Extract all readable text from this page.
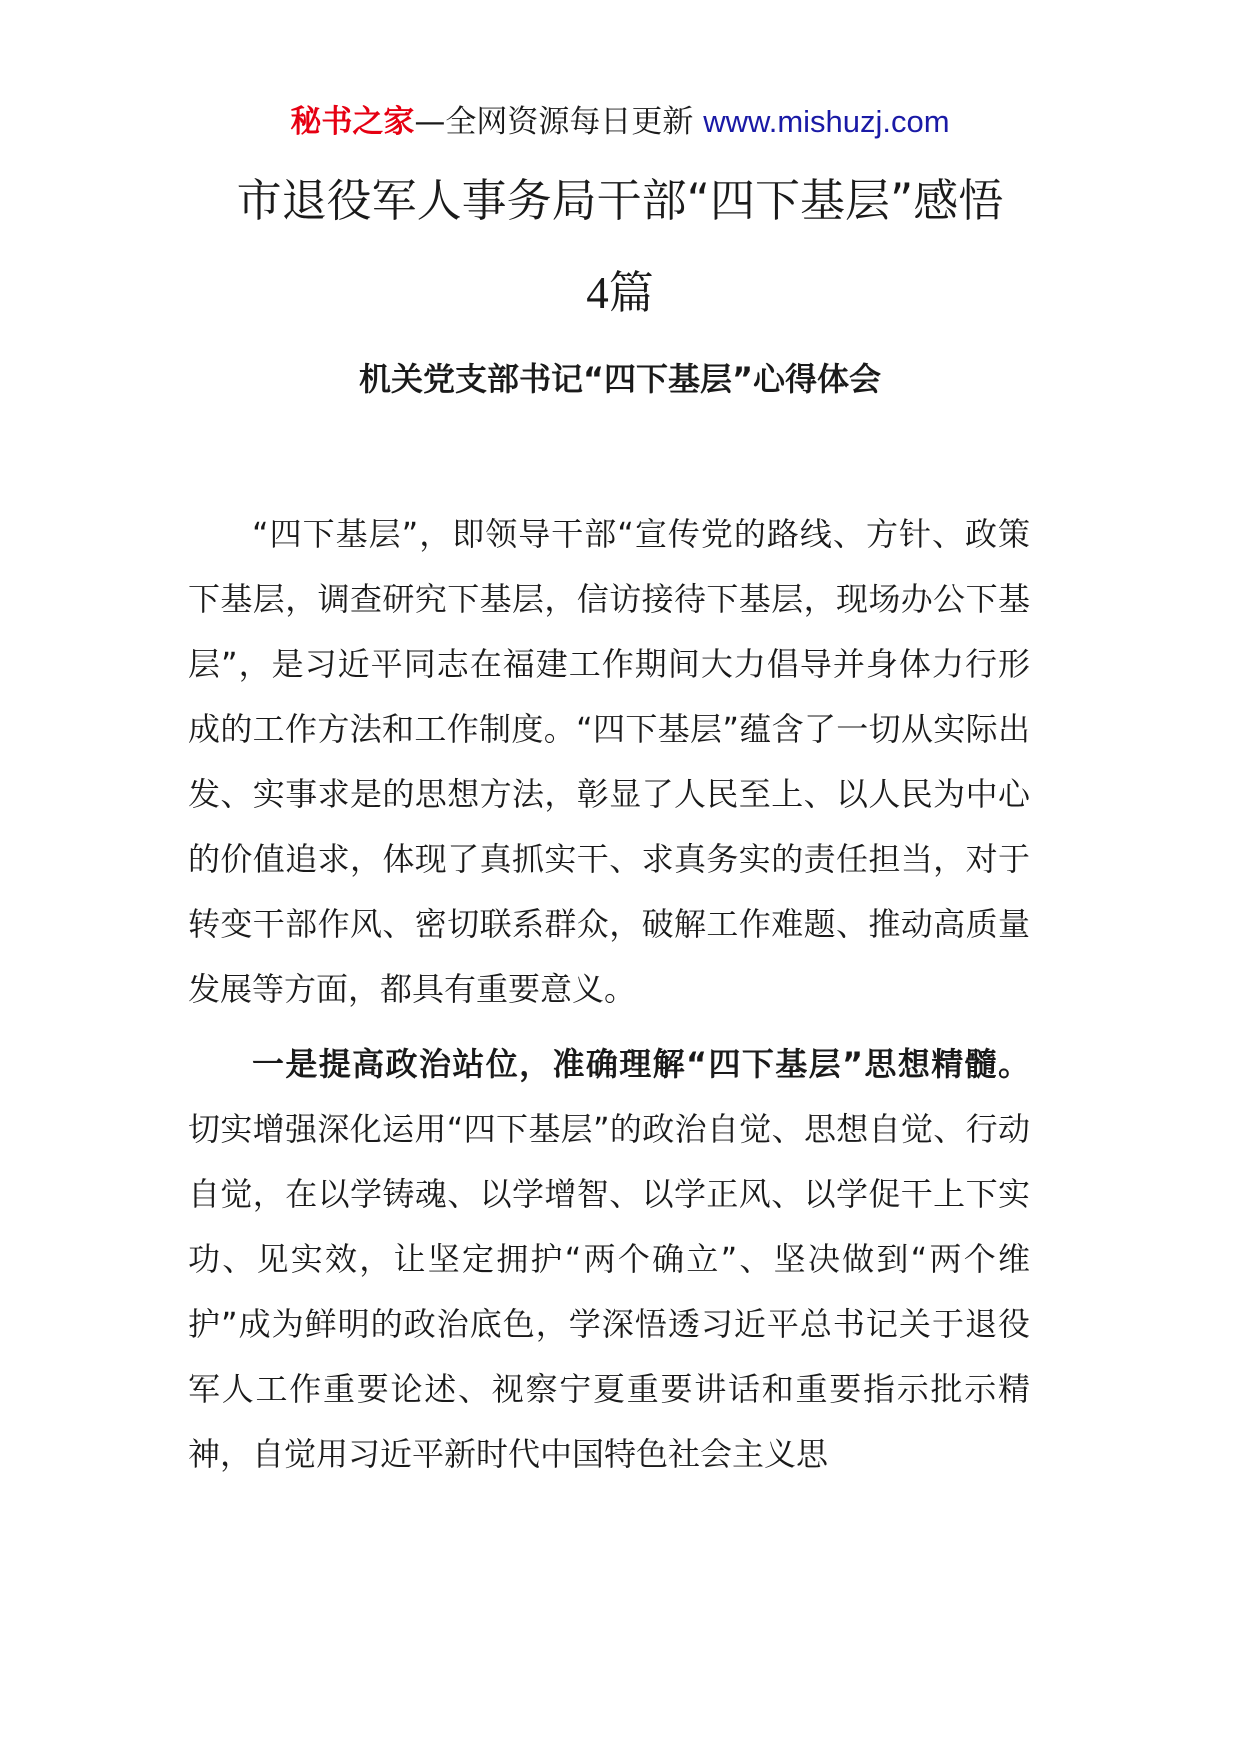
秘书之家—全网资源每日更新 www.mishuzj.com
市退役军人事务局干部“四下基层”感悟
4篇
机关党支部书记“四下基层”心得体会

“四下基层”，即领导干部“宣传党的路线、方针、政策下基层，调查研究下基层，信访接待下基层，现场办公下基层”，是习近平同志在福建工作期间大力倡导并身体力行形成的工作方法和工作制度。“四下基层”蕴含了一切从实际出发、实事求是的思想方法，彰显了人民至上、以人民为中心的价值追求，体现了真抓实干、求真务实的责任担当，对于转变干部作风、密切联系群众，破解工作难题、推动高质量发展等方面，都具有重要意义。

一是提高政治站位，准确理解“四下基层”思想精髓。切实增强深化运用“四下基层”的政治自觉、思想自觉、行动自觉，在以学铸魂、以学增智、以学正风、以学促干上下实功、见实效，让坚定拥护“两个确立”、坚决做到“两个维护”成为鲜明的政治底色，学深悟透习近平总书记关于退役军人工作重要论述、视察宁夏重要讲话和重要指示批示精神，自觉用习近平新时代中国特色社会主义思
